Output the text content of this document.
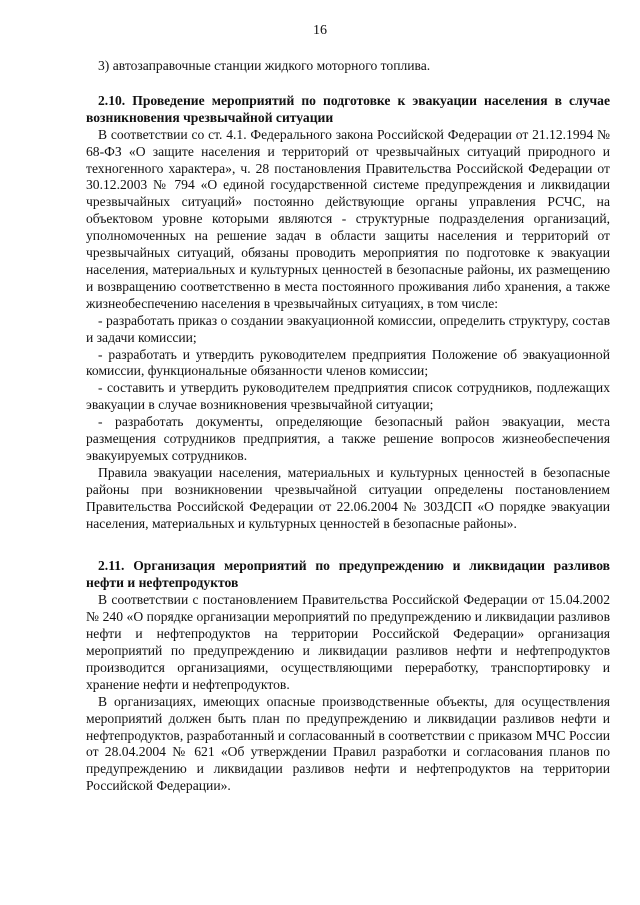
16

3) автозаправочные станции жидкого моторного топлива.

2.10. Проведение мероприятий по подготовке к эвакуации населения в случае возникновения чрезвычайной ситуации

В соответствии со ст. 4.1. Федерального закона Российской Федерации от 21.12.1994 № 68-ФЗ «О защите населения и территорий от чрезвычайных ситуаций природного и техногенного характера», ч. 28 постановления Правительства Российской Федерации от 30.12.2003 № 794 «О единой государственной системе предупреждения и ликвидации чрезвычайных ситуаций» постоянно действующие органы управления РСЧС, на объектовом уровне которыми являются - структурные подразделения организаций, уполномоченных на решение задач в области защиты населения и территорий от чрезвычайных ситуаций, обязаны проводить мероприятия по подготовке к эвакуации населения, материальных и культурных ценностей в безопасные районы, их размещению и возвращению соответственно в места постоянного проживания либо хранения, а также жизнеобеспечению населения в чрезвычайных ситуациях, в том числе:

- разработать приказ о создании эвакуационной комиссии, определить структуру, состав и задачи комиссии;

- разработать и утвердить руководителем предприятия Положение об эвакуационной комиссии, функциональные обязанности членов комиссии;

- составить и утвердить руководителем предприятия список сотрудников, подлежащих эвакуации в случае возникновения чрезвычайной ситуации;

- разработать документы, определяющие безопасный район эвакуации, места размещения сотрудников предприятия, а также решение вопросов жизнеобеспечения эвакуируемых сотрудников.

Правила эвакуации населения, материальных и культурных ценностей в безопасные районы при возникновении чрезвычайной ситуации определены постановлением Правительства Российской Федерации от 22.06.2004 № 303ДСП «О порядке эвакуации населения, материальных и культурных ценностей в безопасные районы».

2.11. Организация мероприятий по предупреждению и ликвидации разливов нефти и нефтепродуктов

В соответствии с постановлением Правительства Российской Федерации от 15.04.2002 № 240 «О порядке организации мероприятий по предупреждению и ликвидации разливов нефти и нефтепродуктов на территории Российской Федерации» организация мероприятий по предупреждению и ликвидации разливов нефти и нефтепродуктов производится организациями, осуществляющими переработку, транспортировку и хранение нефти и нефтепродуктов.

В организациях, имеющих опасные производственные объекты, для осуществления мероприятий должен быть план по предупреждению и ликвидации разливов нефти и нефтепродуктов, разработанный и согласованный в соответствии с приказом МЧС России от 28.04.2004 № 621 «Об утверждении Правил разработки и согласования планов по предупреждению и ликвидации разливов нефти и нефтепродуктов на территории Российской Федерации».
